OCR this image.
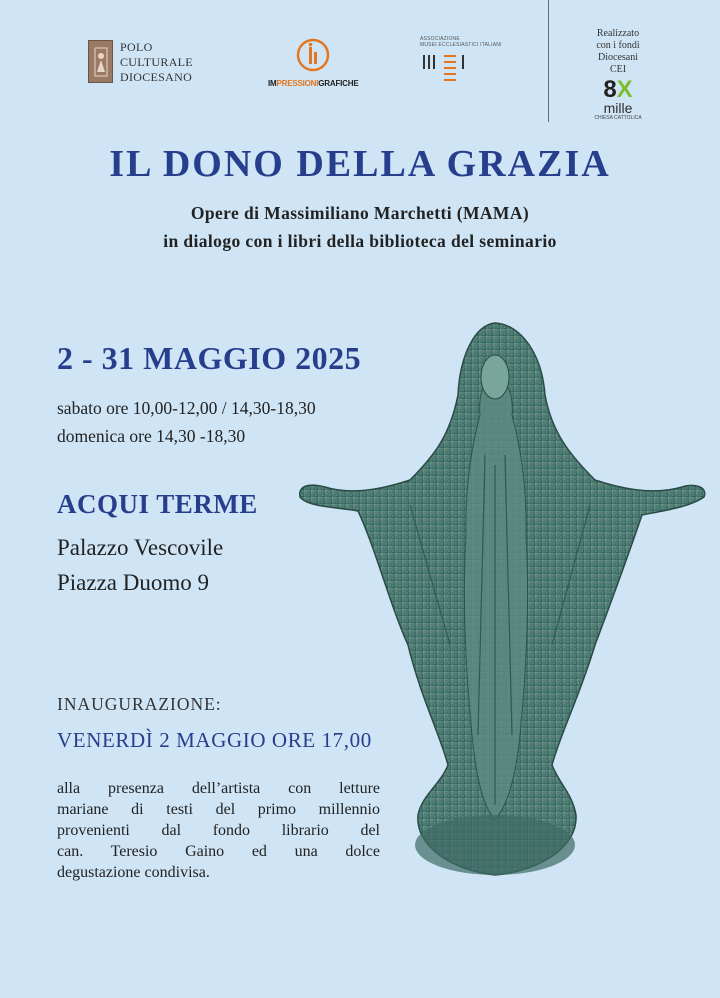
POLO
CULTURALE
DIOCESANO	IMPRESSIONIGRAFICHE
ASSOCIAZIONE
MUSEI ECCLESIASTICI ITALIANI
Realizzato
con i fondi
Diocesani
CEI
8X
mille
CHIESA CATTOLICA
IL DONO DELLA GRAZIA
Opere di Massimiliano Marchetti (MAMA)
in dialogo con i libri della biblioteca del seminario
2 - 31 MAGGIO 2025
sabato ore 10,00-12,00 / 14,30-18,30
domenica ore 14,30 -18,30
ACQUI TERME
Palazzo Vescovile
Piazza Duomo 9
INAUGURAZIONE:
VENERDÌ 2 MAGGIO ORE 17,00
alla presenza dell’artista con letture
mariane di testi del primo millennio
provenienti dal fondo librario del
can. Teresio Gaino ed una dolce
degustazione condivisa.
